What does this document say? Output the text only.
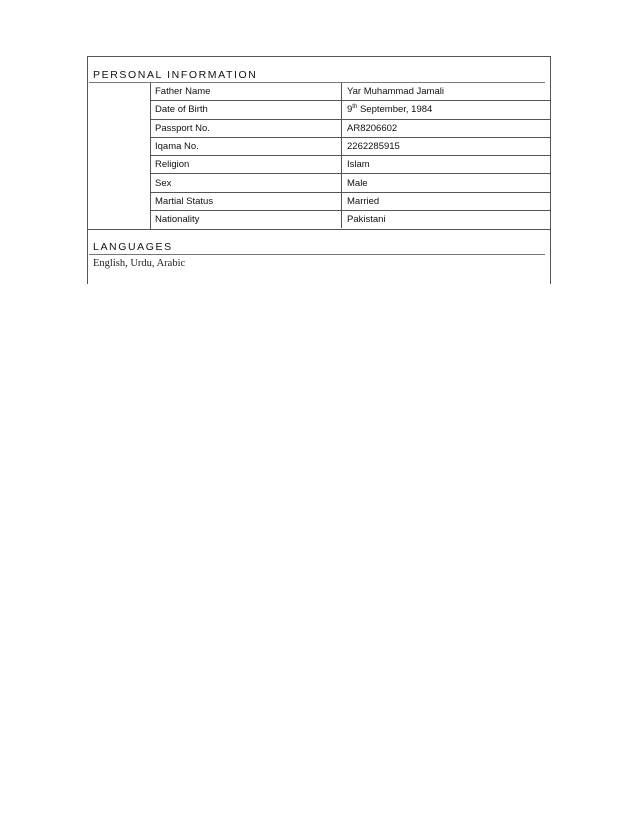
PERSONAL INFORMATION
Father Name	Yar Muhammad Jamali
Date of Birth	9th September, 1984
Passport No.	AR8206602
Iqama No.	2262285915
Religion	Islam
Sex	Male
Martial Status	Married
Nationality	Pakistani
LANGUAGES
English, Urdu, Arabic
